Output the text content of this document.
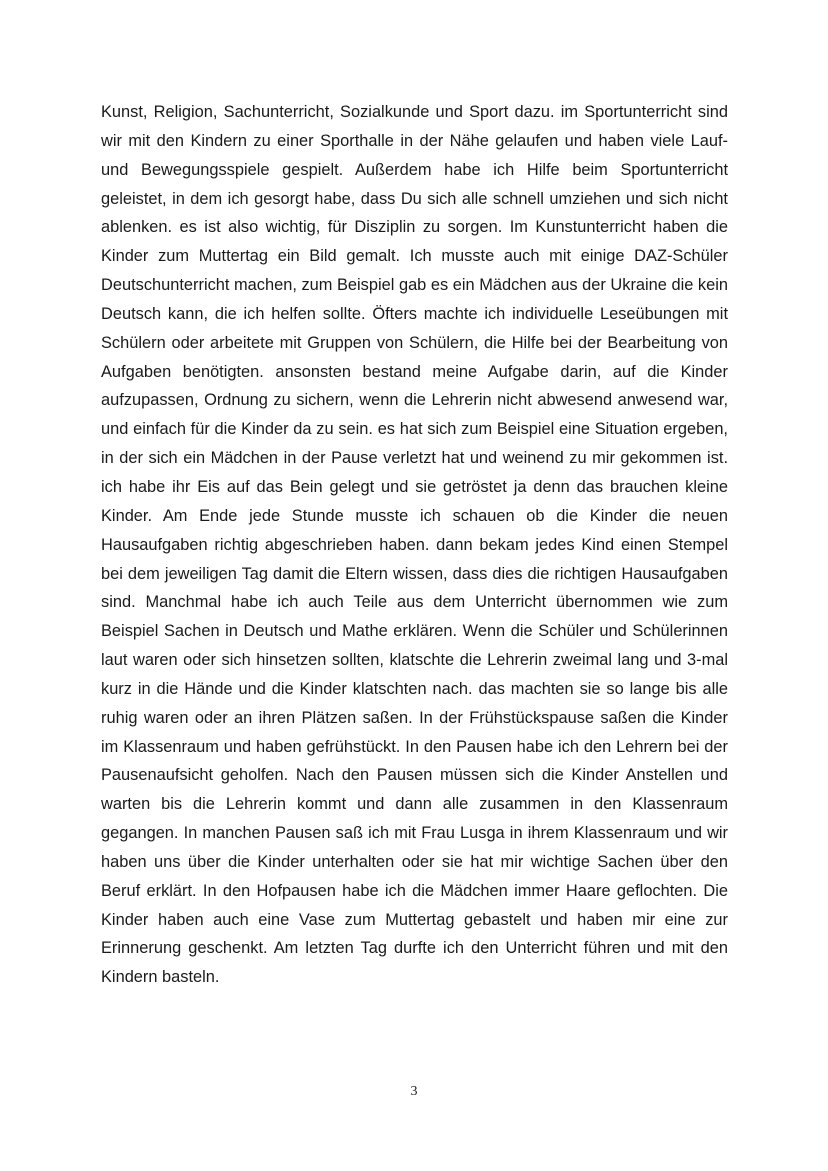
Kunst, Religion, Sachunterricht, Sozialkunde und Sport dazu. im Sportunterricht sind
wir mit den Kindern zu einer Sporthalle in der Nähe gelaufen und haben viele Lauf-
und Bewegungsspiele gespielt. Außerdem habe ich Hilfe beim Sportunterricht
geleistet, in dem ich gesorgt habe, dass Du sich alle schnell umziehen und sich nicht
ablenken. es ist also wichtig, für Disziplin zu sorgen. Im Kunstunterricht haben die
Kinder zum Muttertag ein Bild gemalt. Ich musste auch mit einige DAZ-Schüler
Deutschunterricht machen, zum Beispiel gab es ein Mädchen aus der Ukraine die kein
Deutsch kann, die ich helfen sollte. Öfters machte ich individuelle Leseübungen mit
Schülern oder arbeitete mit Gruppen von Schülern, die Hilfe bei der Bearbeitung von
Aufgaben benötigten. ansonsten bestand meine Aufgabe darin, auf die Kinder
aufzupassen, Ordnung zu sichern, wenn die Lehrerin nicht abwesend anwesend war,
und einfach für die Kinder da zu sein. es hat sich zum Beispiel eine Situation ergeben,
in der sich ein Mädchen in der Pause verletzt hat und weinend zu mir gekommen ist.
ich habe ihr Eis auf das Bein gelegt und sie getröstet ja denn das brauchen kleine
Kinder. Am Ende jede Stunde musste ich schauen ob die Kinder die neuen
Hausaufgaben richtig abgeschrieben haben. dann bekam jedes Kind einen Stempel
bei dem jeweiligen Tag damit die Eltern wissen, dass dies die richtigen Hausaufgaben
sind. Manchmal habe ich auch Teile aus dem Unterricht übernommen wie zum
Beispiel Sachen in Deutsch und Mathe erklären. Wenn die Schüler und Schülerinnen
laut waren oder sich hinsetzen sollten, klatschte die Lehrerin zweimal lang und 3-mal
kurz in die Hände und die Kinder klatschten nach. das machten sie so lange bis alle
ruhig waren oder an ihren Plätzen saßen. In der Frühstückspause saßen die Kinder
im Klassenraum und haben gefrühstückt. In den Pausen habe ich den Lehrern bei der
Pausenaufsicht geholfen. Nach den Pausen müssen sich die Kinder Anstellen und
warten bis die Lehrerin kommt und dann alle zusammen in den Klassenraum
gegangen. In manchen Pausen saß ich mit Frau Lusga in ihrem Klassenraum und wir
haben uns über die Kinder unterhalten oder sie hat mir wichtige Sachen über den
Beruf erklärt. In den Hofpausen habe ich die Mädchen immer Haare geflochten. Die
Kinder haben auch eine Vase zum Muttertag gebastelt und haben mir eine zur
Erinnerung geschenkt. Am letzten Tag durfte ich den Unterricht führen und mit den
Kindern basteln.
3
